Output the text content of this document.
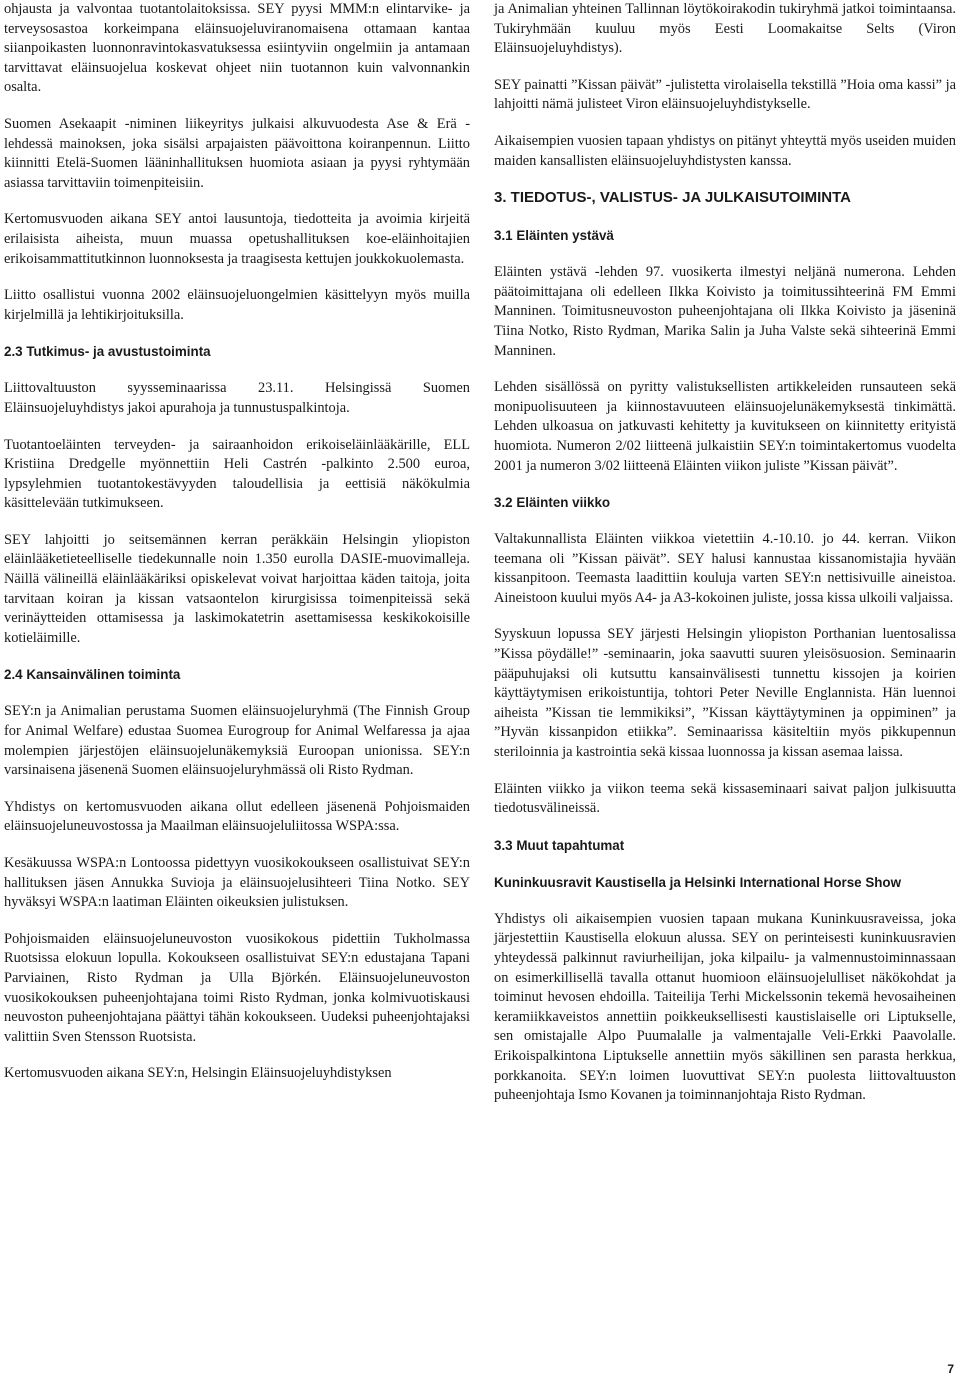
ohjausta ja valvontaa tuotantolaitoksissa. SEY pyysi MMM:n elintarvike- ja terveysosastoa korkeimpana eläinsuojeluviranomaisena ottamaan kantaa siianpoikasten luonnonravintokasvatuksessa esiintyviin ongelmiin ja antamaan tarvittavat eläinsuojelua koskevat ohjeet niin tuotannon kuin valvonnankin osalta.

Suomen Asekaapit -niminen liikeyritys julkaisi alkuvuodesta Ase & Erä -lehdessä mainoksen, joka sisälsi arpajaisten päävoittona koiranpennun. Liitto kiinnitti Etelä-Suomen lääninhallituksen huomiota asiaan ja pyysi ryhtymään asiassa tarvittaviin toimenpiteisiin.

Kertomusvuoden aikana SEY antoi lausuntoja, tiedotteita ja avoimia kirjeitä erilaisista aiheista, muun muassa opetushallituksen koe-eläinhoitajien erikoisammattitutkinnon luonnoksesta ja traagisesta kettujen joukkokuolemasta.

Liitto osallistui vuonna 2002 eläinsuojeluongelmien käsittelyyn myös muilla kirjelmillä ja lehtikirjoituksilla.

2.3 Tutkimus- ja avustustoiminta

Liittovaltuuston syysseminaarissa 23.11. Helsingissä Suomen Eläinsuojeluyhdistys jakoi apurahoja ja tunnustuspalkintoja.

Tuotantoeläinten terveyden- ja sairaanhoidon erikoiseläinlääkärille, ELL Kristiina Dredgelle myönnettiin Heli Castrén -palkinto 2.500 euroa, lypsylehmien tuotantokestävyyden taloudellisia ja eettisiä näkökulmia käsittelevään tutkimukseen.

SEY lahjoitti jo seitsemännen kerran peräkkäin Helsingin yliopiston eläinlääketieteelliselle tiedekunnalle noin 1.350 eurolla DASIE-muovimalleja. Näillä välineillä eläinlääkäriksi opiskelevat voivat harjoittaa käden taitoja, joita tarvitaan koiran ja kissan vatsaontelon kirurgisissa toimenpiteissä sekä verinäytteiden ottamisessa ja laskimokatetrin asettamisessa keskikokoisille kotieläimille.

2.4 Kansainvälinen toiminta

SEY:n ja Animalian perustama Suomen eläinsuojeluryhmä (The Finnish Group for Animal Welfare) edustaa Suomea Eurogroup for Animal Welfaressa ja ajaa molempien järjestöjen eläinsuojelunäkemyksiä Euroopan unionissa. SEY:n varsinaisena jäsenenä Suomen eläinsuojeluryhmässä oli Risto Rydman.

Yhdistys on kertomusvuoden aikana ollut edelleen jäsenenä Pohjoismaiden eläinsuojeluneuvostossa ja Maailman eläinsuojeluliitossa WSPA:ssa.

Kesäkuussa WSPA:n Lontoossa pidettyyn vuosikokoukseen osallistuivat SEY:n hallituksen jäsen Annukka Suvioja ja eläinsuojelusihteeri Tiina Notko. SEY hyväksyi WSPA:n laatiman Eläinten oikeuksien julistuksen.

Pohjoismaiden eläinsuojeluneuvoston vuosikokous pidettiin Tukholmassa Ruotsissa elokuun lopulla. Kokoukseen osallistuivat SEY:n edustajana Tapani Parviainen, Risto Rydman ja Ulla Björkén. Eläinsuojeluneuvoston vuosikokouksen puheenjohtajana toimi Risto Rydman, jonka kolmivuotiskausi neuvoston puheenjohtajana päättyi tähän kokoukseen. Uudeksi puheenjohtajaksi valittiin Sven Stensson Ruotsista.

Kertomusvuoden aikana SEY:n, Helsingin Eläinsuojeluyhdistyksen

ja Animalian yhteinen Tallinnan löytökoirakodin tukiryhmä jatkoi toimintaansa. Tukiryhmään kuuluu myös Eesti Loomakaitse Selts (Viron Eläinsuojeluyhdistys).

SEY painatti ”Kissan päivät” -julistetta virolaisella tekstillä ”Hoia oma kassi” ja lahjoitti nämä julisteet Viron eläinsuojeluyhdistykselle.

Aikaisempien vuosien tapaan yhdistys on pitänyt yhteyttä myös useiden muiden maiden kansallisten eläinsuojeluyhdistysten kanssa.

3. TIEDOTUS-, VALISTUS- JA JULKAISUTOIMINTA
3.1 Eläinten ystävä

Eläinten ystävä -lehden 97. vuosikerta ilmestyi neljänä numerona. Lehden päätoimittajana oli edelleen Ilkka Koivisto ja toimitussihteerinä FM Emmi Manninen. Toimitusneuvoston puheenjohtajana oli Ilkka Koivisto ja jäseninä Tiina Notko, Risto Rydman, Marika Salin ja Juha Valste sekä sihteerinä Emmi Manninen.

Lehden sisällössä on pyritty valistuksellisten artikkeleiden runsauteen sekä monipuolisuuteen ja kiinnostavuuteen eläinsuojelunäkemyksestä tinkimättä. Lehden ulkoasua on jatkuvasti kehitetty ja kuvitukseen on kiinnitetty erityistä huomiota. Numeron 2/02 liitteenä julkaistiin SEY:n toimintakertomus vuodelta 2001 ja numeron 3/02 liitteenä Eläinten viikon juliste ”Kissan päivät”.

3.2 Eläinten viikko

Valtakunnallista Eläinten viikkoa vietettiin 4.-10.10. jo 44. kerran. Viikon teemana oli ”Kissan päivät”. SEY halusi kannustaa kissanomistajia hyvään kissanpitoon. Teemasta laadittiin koulujа varten SEY:n nettisivuille aineistoa. Aineistoon kuului myös A4- ja A3-kokoinen juliste, jossa kissa ulkoili valjaissa.

Syyskuun lopussa SEY järjesti Helsingin yliopiston Porthanian luentosalissa ”Kissa pöydälle!” -seminaarin, joka saavutti suuren yleisösuosion. Seminaarin pääpuhujaksi oli kutsuttu kansainvälisesti tunnettu kissojen ja koirien käyttäytymisen erikoistuntija, tohtori Peter Neville Englannista. Hän luennoi aiheista ”Kissan tie lemmikiksi”, ”Kissan käyttäytyminen ja oppiminen” ja ”Hyvän kissanpidon etiikka”. Seminaarissa käsiteltiin myös pikkupennun steriloinnia ja kastrointia sekä kissaa luonnossa ja kissan asemaa laissa.

Eläinten viikko ja viikon teema sekä kissaseminaari saivat paljon julkisuutta tiedotusvälineissä.

3.3 Muut tapahtumat
Kuninkuusravit Kaustisella ja Helsinki International Horse Show

Yhdistys oli aikaisempien vuosien tapaan mukana Kuninkuusraveissa, joka järjestettiin Kaustisella elokuun alussa. SEY on perinteisesti kuninkuusravien yhteydessä palkinnut raviurheilijan, joka kilpailu- ja valmennustoiminnassaan on esimerkillisellä tavalla ottanut huomioon eläinsuojelulliset näkökohdat ja toiminut hevosen ehdoilla. Taiteilija Terhi Mickelssonin tekemä hevosaiheinen keramiikkaveistos annettiin poikkeuksellisesti kaustislaiselle ori Liptukselle, sen omistajalle Alpo Puumalalle ja valmentajalle Veli-Erkki Paavolalle. Erikoispalkintona Liptukselle annettiin myös säkillinen sen parasta herkkua, porkkanoita. SEY:n loimen luovuttivat SEY:n puolesta liittovaltuuston puheenjohtaja Ismo Kovanen ja toiminnanjohtaja Risto Rydman.

7
